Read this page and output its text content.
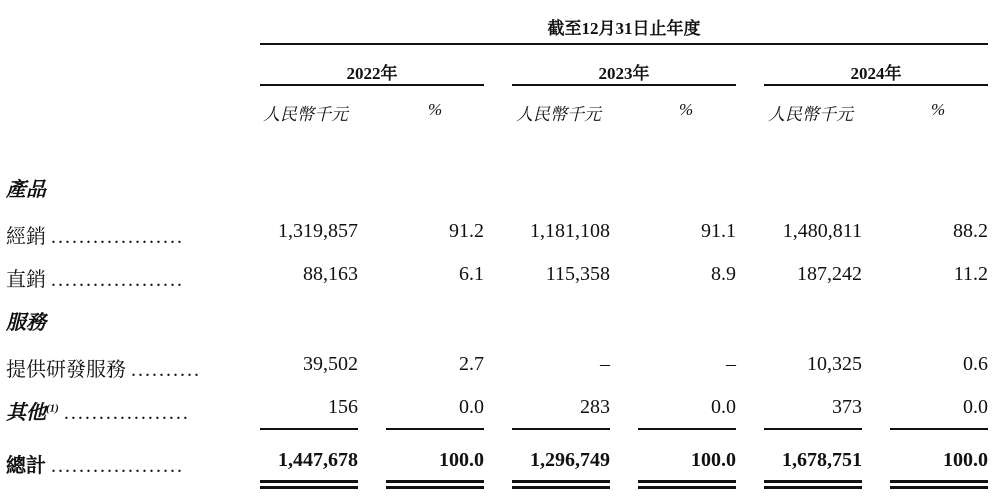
截至12月31日止年度
2022年	2023年	2024年
人民幣千元	%	人民幣千元	%	人民幣千元	%
產品
經銷 ...................	1,319,857	91.2	1,181,108	91.1	1,480,811	88.2
直銷 ...................	88,163	6.1	115,358	8.9	187,242	11.2
服務
提供研發服務 ..........	39,502	2.7	–	–	10,325	0.6
其他$^{(1)}$ ..................	156	0.0	283	0.0	373	0.0
總計 ...................	1,447,678	100.0	1,296,749	100.0	1,678,751	100.0
